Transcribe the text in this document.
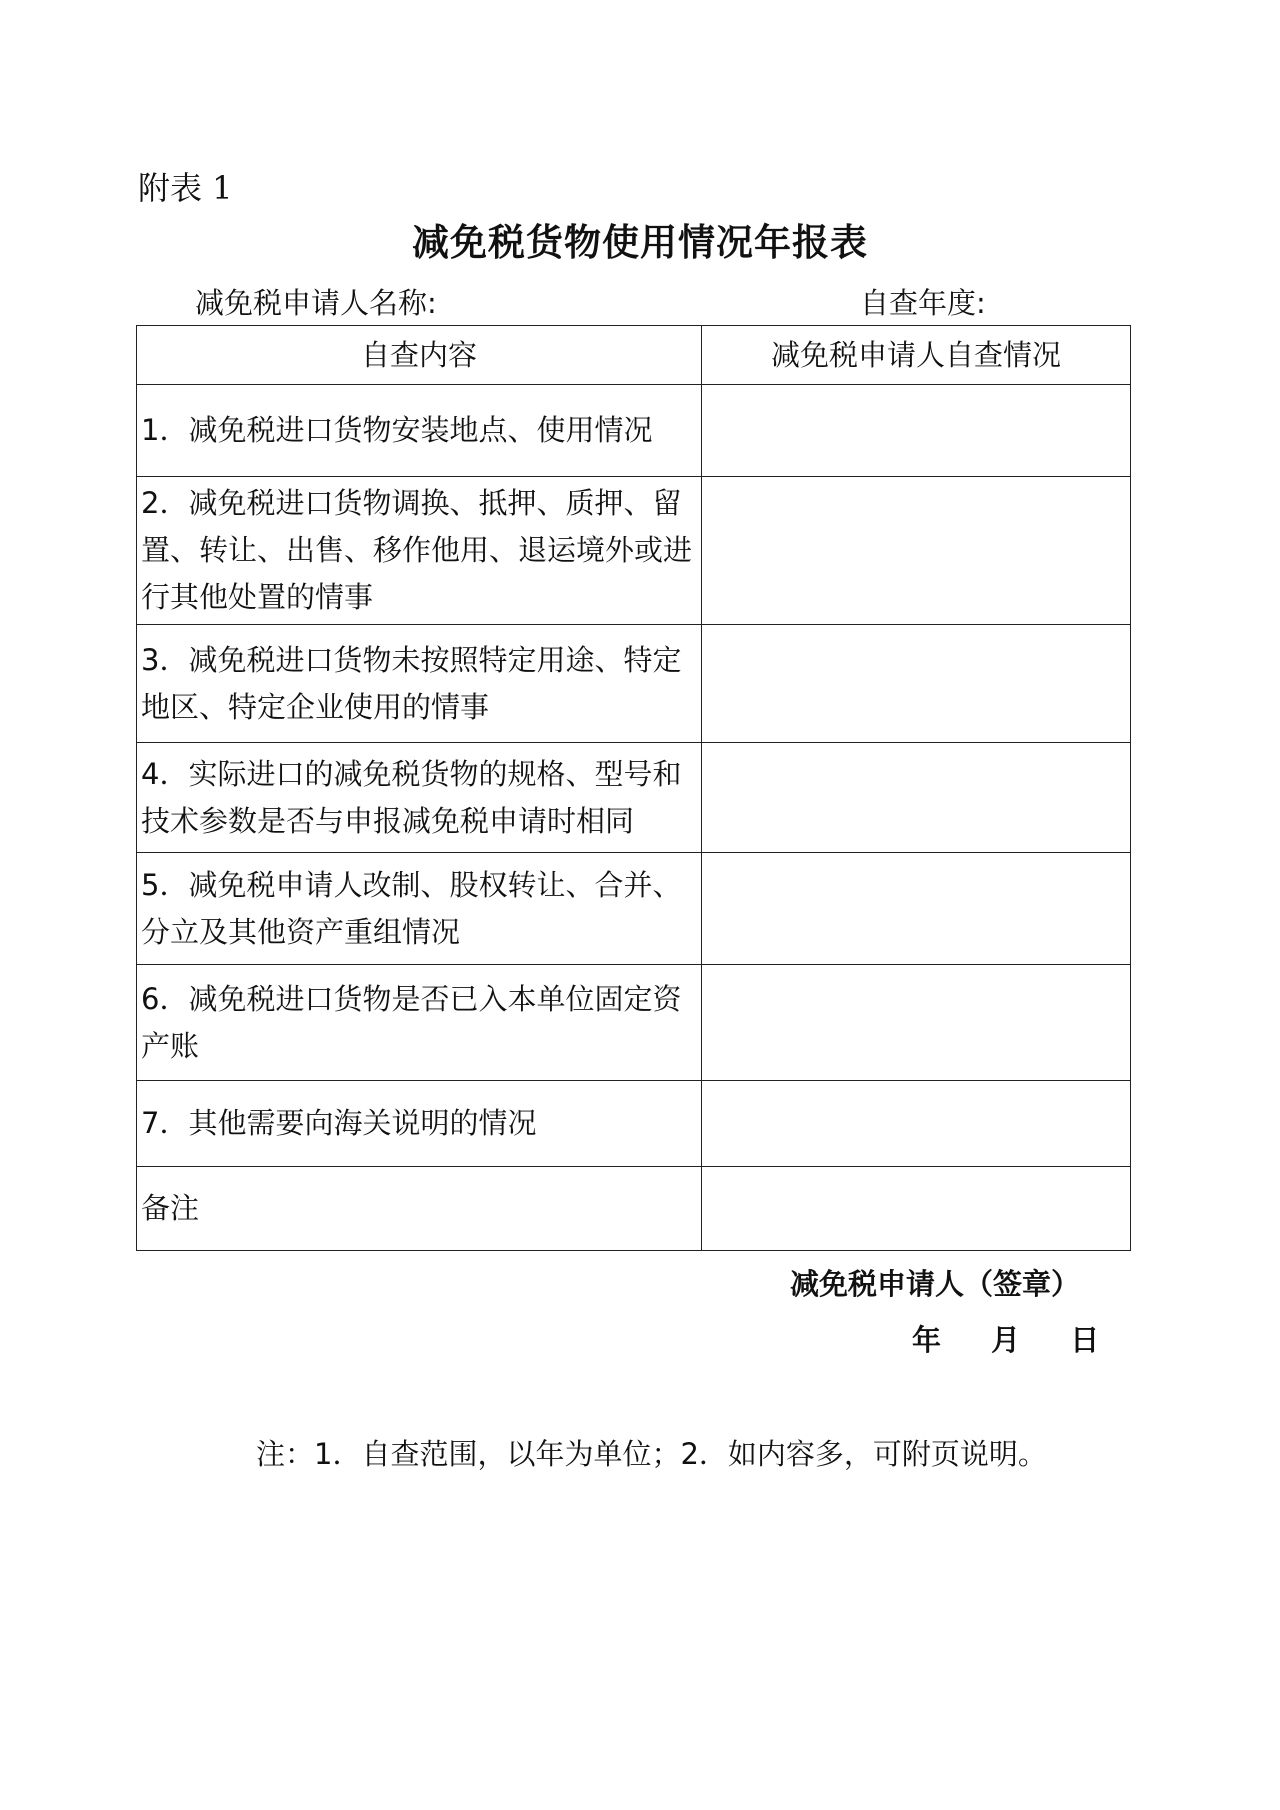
附表 1
减免税货物使用情况年报表
减免税申请人名称:	自查年度:
自查内容	减免税申请人自查情况
1．减免税进口货物安装地点、使用情况	
2．减免税进口货物调换、抵押、质押、留置、转让、出售、移作他用、退运境外或进行其他处置的情事	
3．减免税进口货物未按照特定用途、特定地区、特定企业使用的情事	
4．实际进口的减免税货物的规格、型号和技术参数是否与申报减免税申请时相同	
5．减免税申请人改制、股权转让、合并、分立及其他资产重组情况	
6．减免税进口货物是否已入本单位固定资产账	
7．其他需要向海关说明的情况	
备注	
减免税申请人（签章）
年 月 日
注：1．自查范围，以年为单位；2．如内容多，可附页说明。
